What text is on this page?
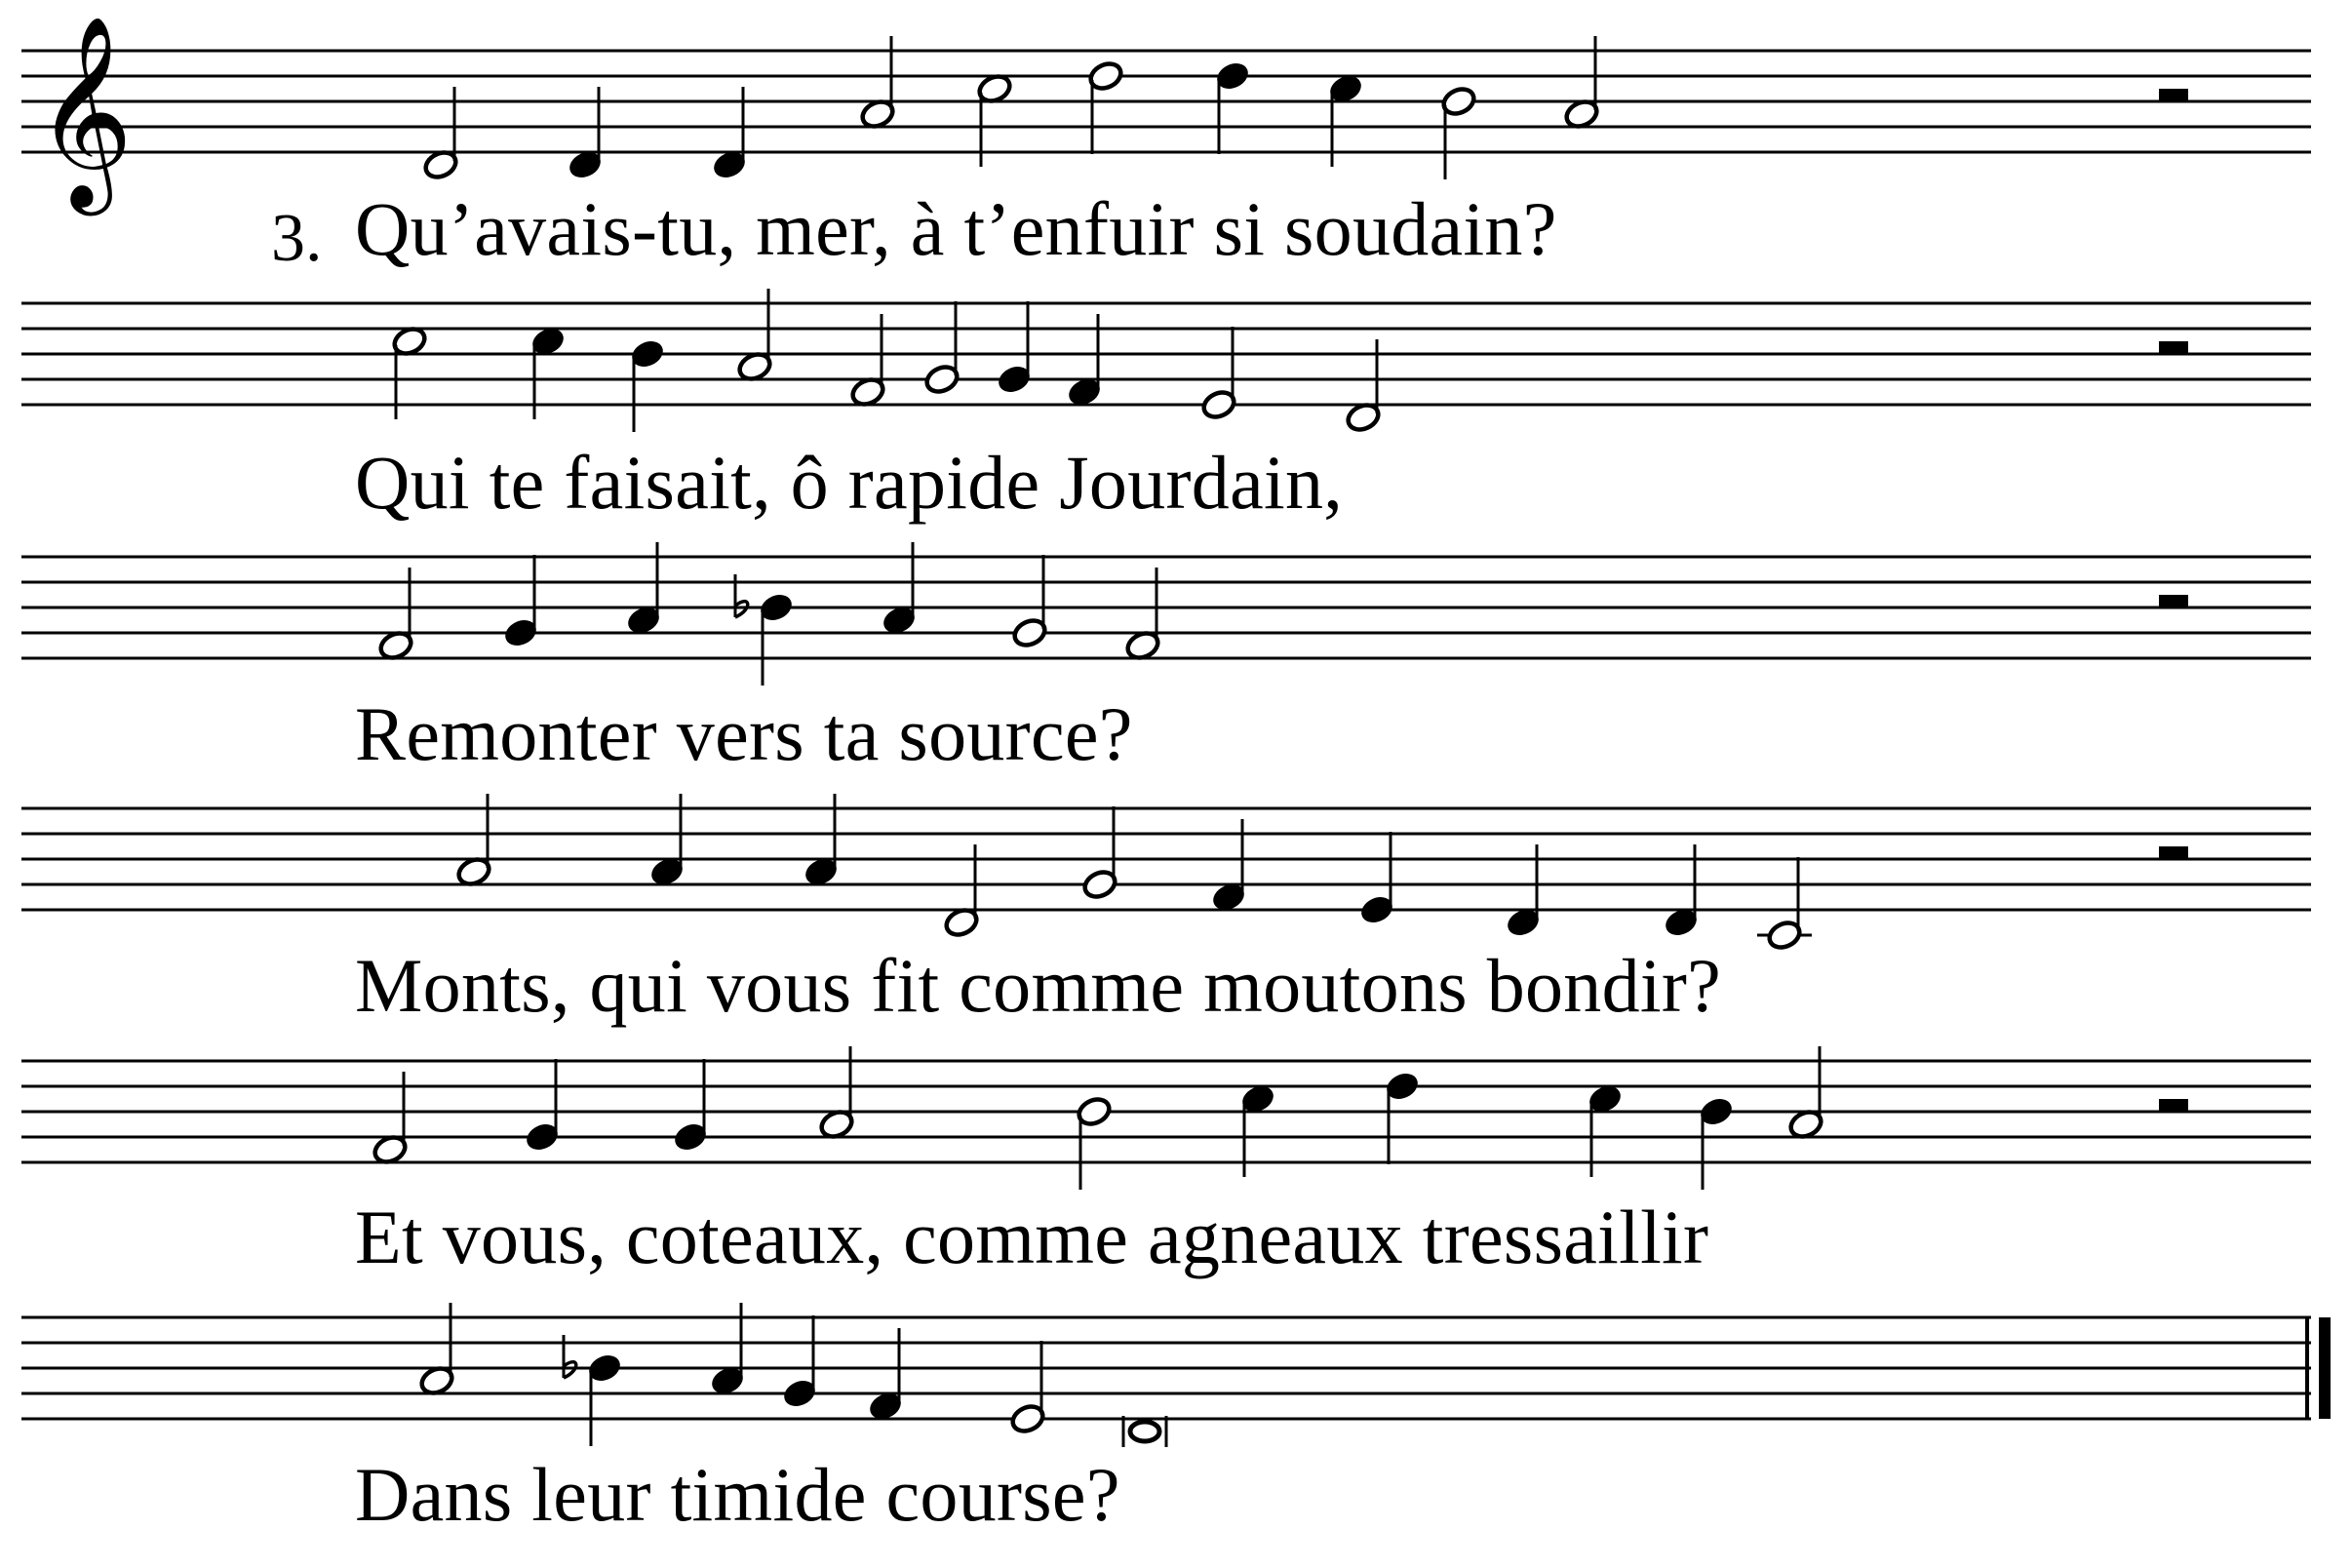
𝄞
3. Qu’avais-tu, mer, à t’enfuir si soudain?
Qui te faisait, ô rapide Jourdain,
Remonter vers ta source?
Monts, qui vous fit comme moutons bondir?
Et vous, coteaux, comme agneaux tressaillir
Dans leur timide course?
